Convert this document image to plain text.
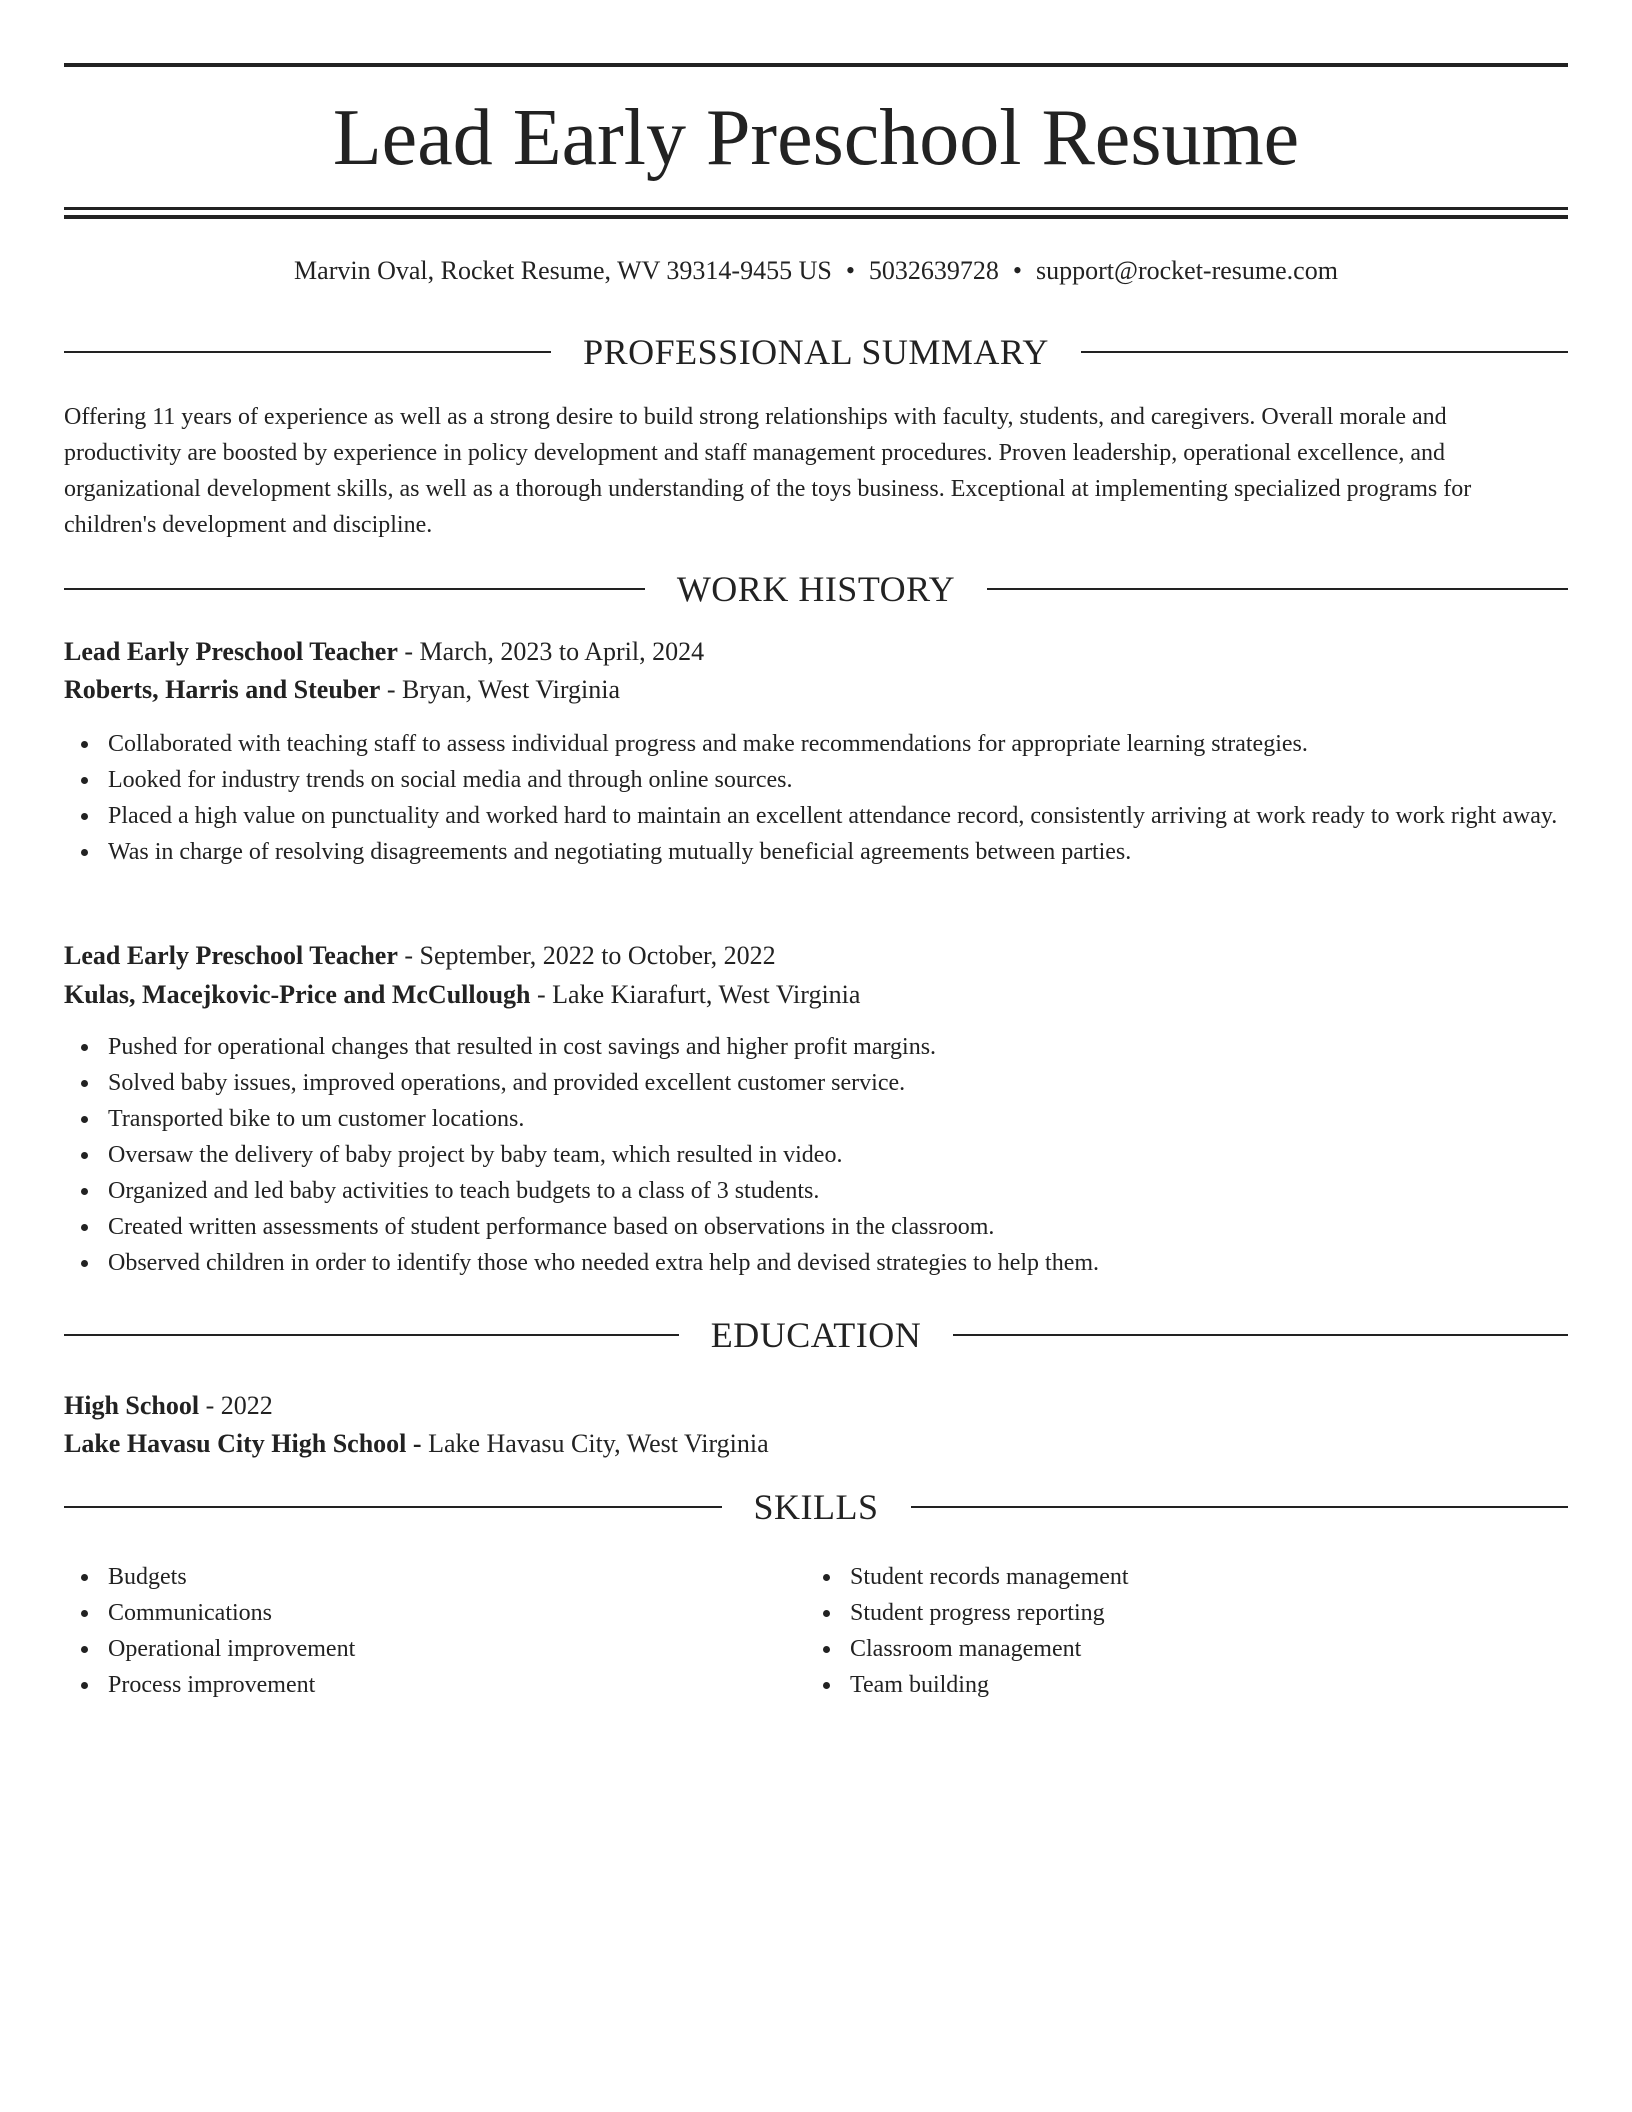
Lead Early Preschool Resume
Marvin Oval, Rocket Resume, WV 39314-9455 US • 5032639728 • support@rocket-resume.com
PROFESSIONAL SUMMARY

Offering 11 years of experience as well as a strong desire to build strong relationships with faculty, students, and caregivers. Overall morale and productivity are boosted by experience in policy development and staff management procedures. Proven leadership, operational excellence, and organizational development skills, as well as a thorough understanding of the toys business. Exceptional at implementing specialized programs for children's development and discipline.

WORK HISTORY
Lead Early Preschool Teacher - March, 2023 to April, 2024
Roberts, Harris and Steuber - Bryan, West Virginia
Collaborated with teaching staff to assess individual progress and make recommendations for appropriate learning strategies.
Looked for industry trends on social media and through online sources.
Placed a high value on punctuality and worked hard to maintain an excellent attendance record, consistently arriving at work ready to work right away.
Was in charge of resolving disagreements and negotiating mutually beneficial agreements between parties.
Lead Early Preschool Teacher - September, 2022 to October, 2022
Kulas, Macejkovic-Price and McCullough - Lake Kiarafurt, West Virginia
Pushed for operational changes that resulted in cost savings and higher profit margins.
Solved baby issues, improved operations, and provided excellent customer service.
Transported bike to um customer locations.
Oversaw the delivery of baby project by baby team, which resulted in video.
Organized and led baby activities to teach budgets to a class of 3 students.
Created written assessments of student performance based on observations in the classroom.
Observed children in order to identify those who needed extra help and devised strategies to help them.
EDUCATION
High School - 2022
Lake Havasu City High School - Lake Havasu City, West Virginia
SKILLS
Budgets
Communications
Operational improvement
Process improvement
Student records management
Student progress reporting
Classroom management
Team building
